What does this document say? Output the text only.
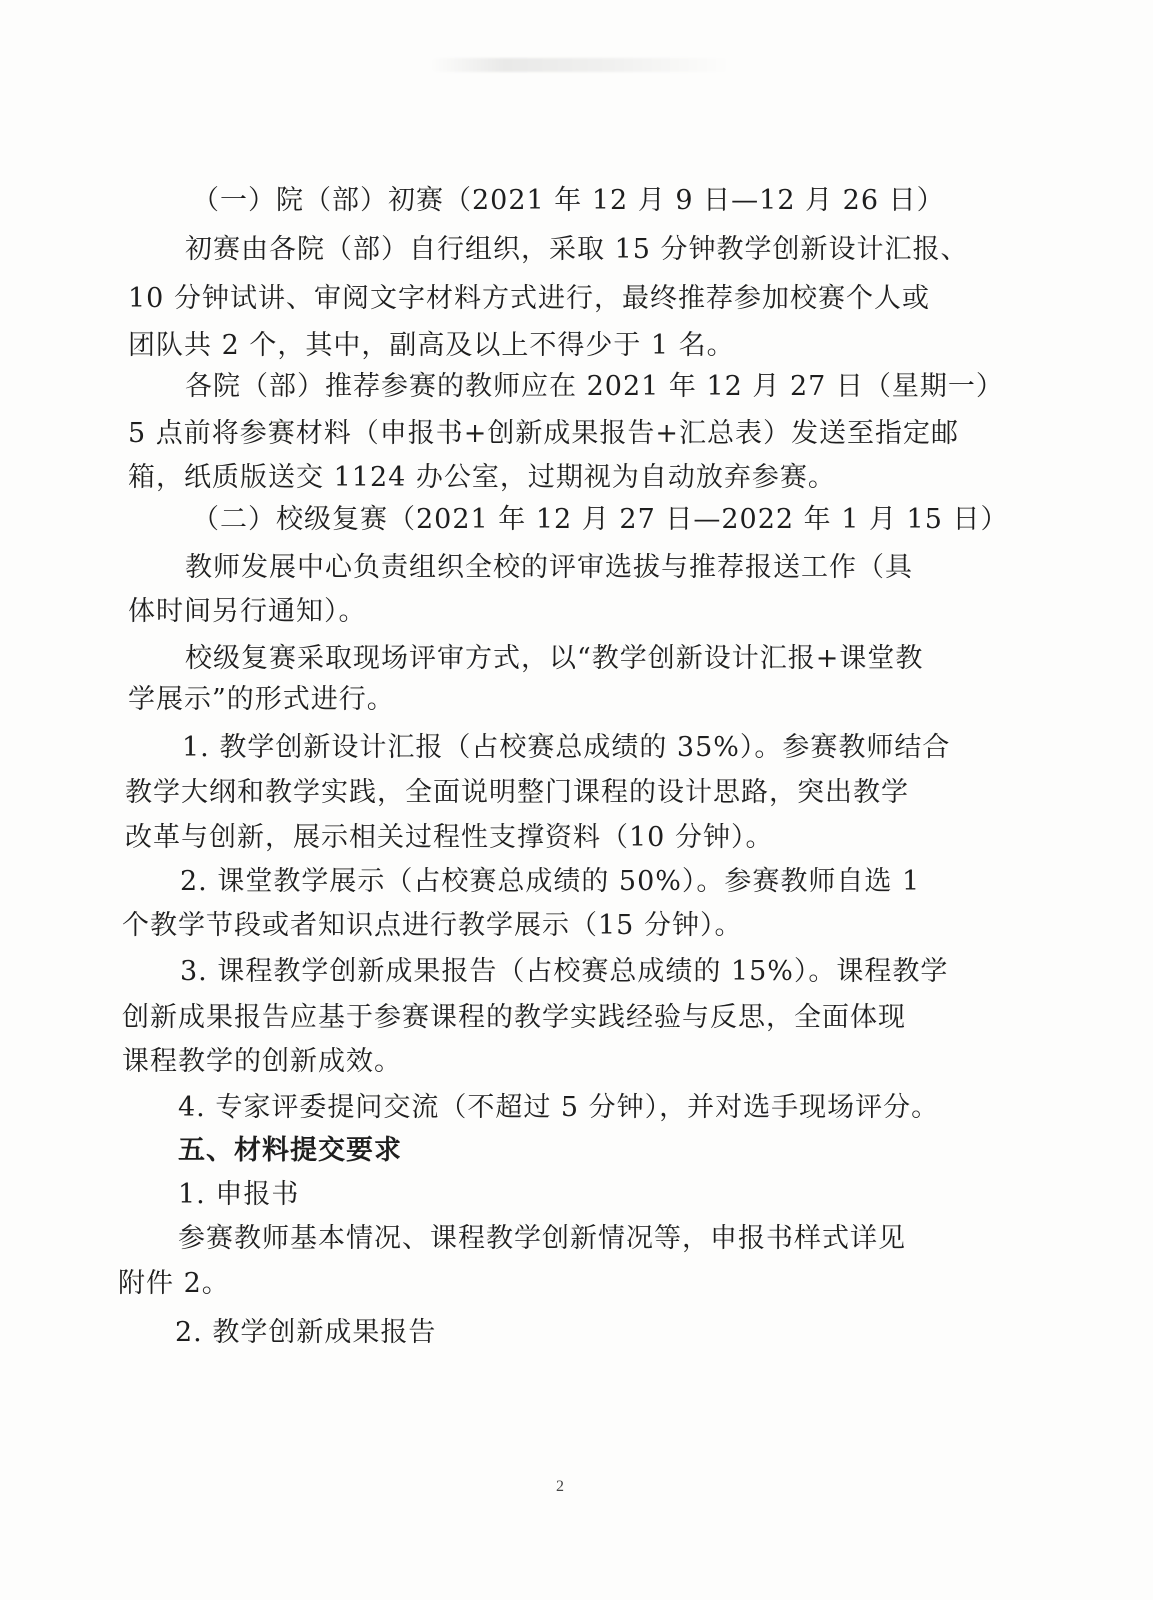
（一）院（部）初赛（2021 年 12 月 9 日—12 月 26 日）
初赛由各院（部）自行组织，采取 15 分钟教学创新设计汇报、
10 分钟试讲、审阅文字材料方式进行，最终推荐参加校赛个人或
团队共 2 个，其中，副高及以上不得少于 1 名。
各院（部）推荐参赛的教师应在 2021 年 12 月 27 日（星期一）
5 点前将参赛材料（申报书+创新成果报告+汇总表）发送至指定邮
箱，纸质版送交 1124 办公室，过期视为自动放弃参赛。
（二）校级复赛（2021 年 12 月 27 日—2022 年 1 月 15 日）
教师发展中心负责组织全校的评审选拔与推荐报送工作（具
体时间另行通知）。
校级复赛采取现场评审方式，以“教学创新设计汇报+课堂教
学展示”的形式进行。
1. 教学创新设计汇报（占校赛总成绩的 35%）。参赛教师结合
教学大纲和教学实践，全面说明整门课程的设计思路，突出教学
改革与创新，展示相关过程性支撑资料（10 分钟）。
2. 课堂教学展示（占校赛总成绩的 50%）。参赛教师自选 1
个教学节段或者知识点进行教学展示（15 分钟）。
3. 课程教学创新成果报告（占校赛总成绩的 15%）。课程教学
创新成果报告应基于参赛课程的教学实践经验与反思，全面体现
课程教学的创新成效。
4. 专家评委提问交流（不超过 5 分钟），并对选手现场评分。
五、材料提交要求
1. 申报书
参赛教师基本情况、课程教学创新情况等，申报书样式详见
附件 2。
2. 教学创新成果报告
2
